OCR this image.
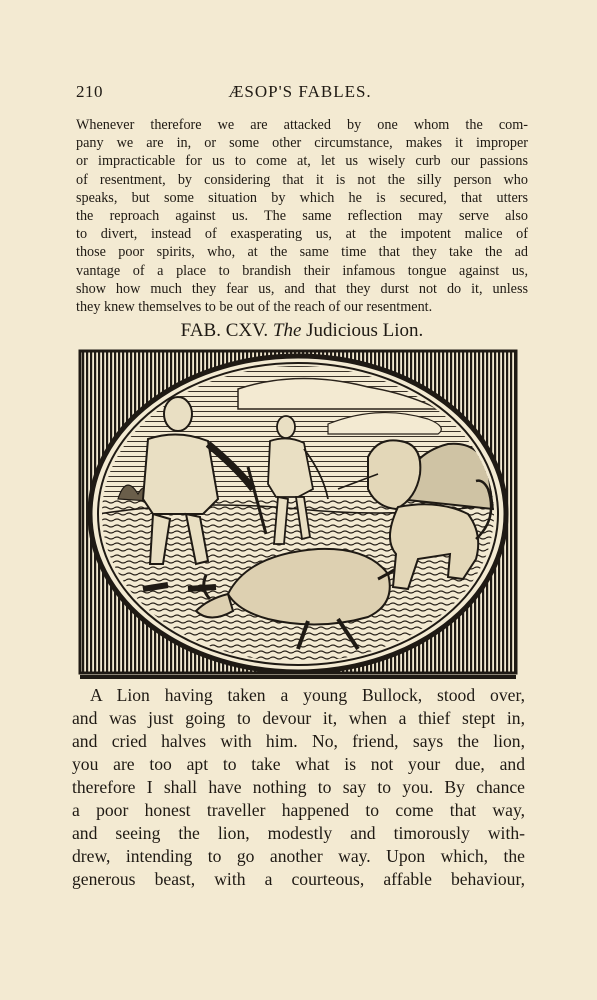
210	ÆSOP'S FABLES.
Whenever therefore we are attacked by one whom the com-
pany we are in, or some other circumstance, makes it improper
or impracticable for us to come at, let us wisely curb our passions
of resentment, by considering that it is not the silly person who
speaks, but some situation by which he is secured, that utters
the reproach against us. The same reflection may serve also
to divert, instead of exasperating us, at the impotent malice of
those poor spirits, who, at the same time that they take the ad
vantage of a place to brandish their infamous tongue against us,
show how much they fear us, and that they durst not do it, unless
they knew themselves to be out of the reach of our resentment.
FAB. CXV. The Judicious Lion.
A Lion having taken a young Bullock, stood over,
and was just going to devour it, when a thief stept in,
and cried halves with him. No, friend, says the lion,
you are too apt to take what is not your due, and
therefore I shall have nothing to say to you. By chance
a poor honest traveller happened to come that way,
and seeing the lion, modestly and timorously with-
drew, intending to go another way. Upon which, the
generous beast, with a courteous, affable behaviour,
